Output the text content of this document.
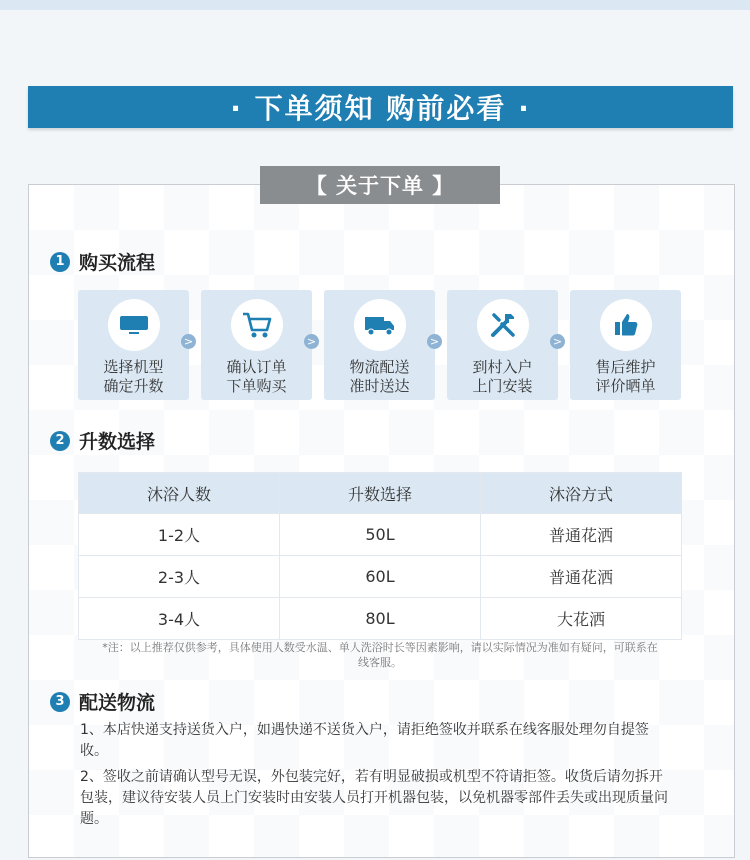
· 下单须知 购前必看 ·
【 关于下单 】
1 购买流程
选择机型
确定升数
>
确认订单
下单购买
>
物流配送
准时送达
>
到村入户
上门安装
>
售后维护
评价晒单
2 升数选择
沐浴人数	升数选择	沐浴方式
1-2人	50L	普通花洒
2-3人	60L	普通花洒
3-4人	80L	大花洒
*注：以上推荐仅供参考，具体使用人数受水温、单人洗浴时长等因素影响，请以实际情况为准如有疑问，可联系在线客服。
3 配送物流
1、本店快递支持送货入户，如遇快递不送货入户，请拒绝签收并联系在线客服处理勿自提签收。
2、签收之前请确认型号无误，外包装完好，若有明显破损或机型不符请拒签。收货后请勿拆开包装，建议待安装人员上门安装时由安装人员打开机器包装，以免机器零部件丢失或出现质量问题。
